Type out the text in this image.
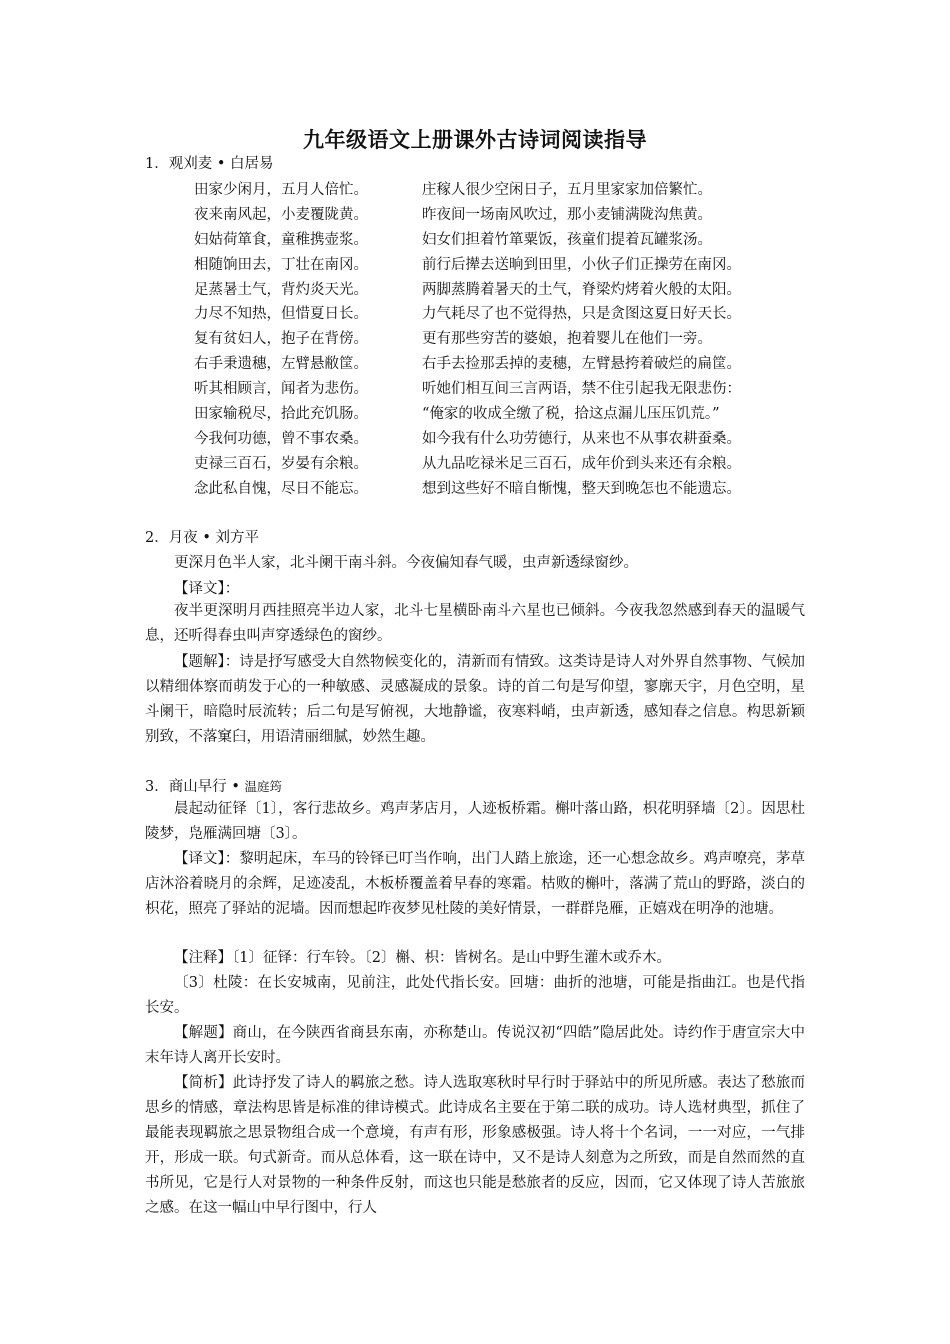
九年级语文上册课外古诗词阅读指导
1．观刈麦 • 白居易
田家少闲月，五月人倍忙。	庄稼人很少空闲日子，五月里家家加倍繁忙。
夜来南风起，小麦覆陇黄。	昨夜间一场南风吹过，那小麦铺满陇沟焦黄。
妇姑荷箪食，童稚携壶浆。	妇女们担着竹箪粟饭，孩童们提着瓦罐浆汤。
相随饷田去，丁壮在南冈。	前行后撵去送晌到田里，小伙子们正操劳在南冈。
足蒸暑土气，背灼炎天光。	两脚蒸腾着暑天的土气，脊梁灼烤着火般的太阳。
力尽不知热，但惜夏日长。	力气耗尽了也不觉得热，只是贪图这夏日好天长。
复有贫妇人，抱子在背傍。	更有那些穷苦的婆娘，抱着婴儿在他们一旁。
右手秉遗穗，左臂悬敝筐。	右手去捡那丢掉的麦穗，左臂悬挎着破烂的扁筐。
听其相顾言，闻者为悲伤。	听她们相互间三言两语，禁不住引起我无限悲伤：
田家输税尽，拾此充饥肠。	“俺家的收成全缴了税，拾这点漏儿压压饥荒。”
今我何功德，曾不事农桑。	如今我有什么功劳德行，从来也不从事农耕蚕桑。
吏禄三百石，岁晏有余粮。	从九品吃禄米足三百石，成年价到头来还有余粮。
念此私自愧，尽日不能忘。	想到这些好不暗自惭愧，整天到晚怎也不能遗忘。
2．月夜 • 刘方平
更深月色半人家，北斗阑干南斗斜。今夜偏知春气暖，虫声新透绿窗纱。
【译文】：
夜半更深明月西挂照亮半边人家，北斗七星横卧南斗六星也已倾斜。今夜我忽然感到春天的温暖气息，还听得春虫叫声穿透绿色的窗纱。
【题解】：诗是抒写感受大自然物候变化的，清新而有情致。这类诗是诗人对外界自然事物、气候加以精细体察而萌发于心的一种敏感、灵感凝成的景象。诗的首二句是写仰望，寥廓天宇，月色空明，星斗阑干，暗隐时辰流转；后二句是写俯视，大地静谧，夜寒料峭，虫声新透，感知春之信息。构思新颖别致，不落窠臼，用语清丽细腻，妙然生趣。
3．商山早行 • 温庭筠
晨起动征铎〔1〕，客行悲故乡。鸡声茅店月，人迹板桥霜。槲叶落山路，枳花明驿墙〔2〕。因思杜陵梦，凫雁满回塘〔3〕。
【译文】：黎明起床，车马的铃铎已叮当作响，出门人踏上旅途，还一心想念故乡。鸡声嘹亮，茅草店沐浴着晓月的余辉，足迹凌乱，木板桥覆盖着早春的寒霜。枯败的槲叶，落满了荒山的野路，淡白的枳花，照亮了驿站的泥墙。因而想起昨夜梦见杜陵的美好情景，一群群凫雁，正嬉戏在明净的池塘。
【注释】〔1〕征铎：行车铃。〔2〕槲、枳：皆树名。是山中野生灌木或乔木。
〔3〕杜陵：在长安城南，见前注，此处代指长安。回塘：曲折的池塘，可能是指曲江。也是代指长安。
【解题】商山，在今陕西省商县东南，亦称楚山。传说汉初“四皓”隐居此处。诗约作于唐宣宗大中末年诗人离开长安时。
【简析】此诗抒发了诗人的羁旅之愁。诗人选取寒秋时早行时于驿站中的所见所感。表达了愁旅而思乡的情感，章法构思皆是标准的律诗模式。此诗成名主要在于第二联的成功。诗人选材典型，抓住了最能表现羁旅之思景物组合成一个意境，有声有形，形象感极强。诗人将十个名词，一一对应，一气排开，形成一联。句式新奇。而从总体看，这一联在诗中，又不是诗人刻意为之所致，而是自然而然的直书所见，它是行人对景物的一种条件反射，而这也只能是愁旅者的反应，因而，它又体现了诗人苦旅旅之感。在这一幅山中早行图中，行人
